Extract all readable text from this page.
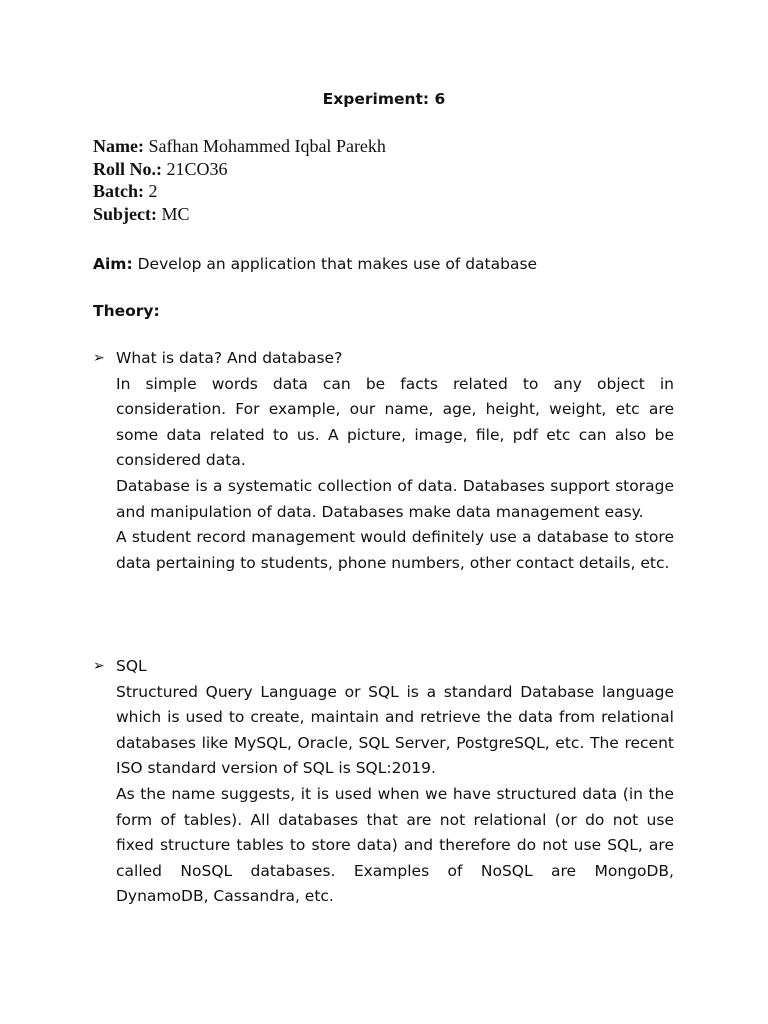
Experiment: 6
Name: Safhan Mohammed Iqbal Parekh
Roll No.: 21CO36
Batch: 2
Subject: MC
Aim: Develop an application that makes use of database
Theory:
➢ What is data? And database?

In simple words data can be facts related to any object in consideration. For example, our name, age, height, weight, etc are some data related to us. A picture, image, file, pdf etc can also be considered data.

Database is a systematic collection of data. Databases support storage and manipulation of data. Databases make data management easy.

A student record management would definitely use a database to store data pertaining to students, phone numbers, other contact details, etc.

➢ SQL

Structured Query Language or SQL is a standard Database language which is used to create, maintain and retrieve the data from relational databases like MySQL, Oracle, SQL Server, PostgreSQL, etc. The recent ISO standard version of SQL is SQL:2019.

As the name suggests, it is used when we have structured data (in the form of tables). All databases that are not relational (or do not use fixed structure tables to store data) and therefore do not use SQL, are called NoSQL databases. Examples of NoSQL are MongoDB, DynamoDB, Cassandra, etc.
